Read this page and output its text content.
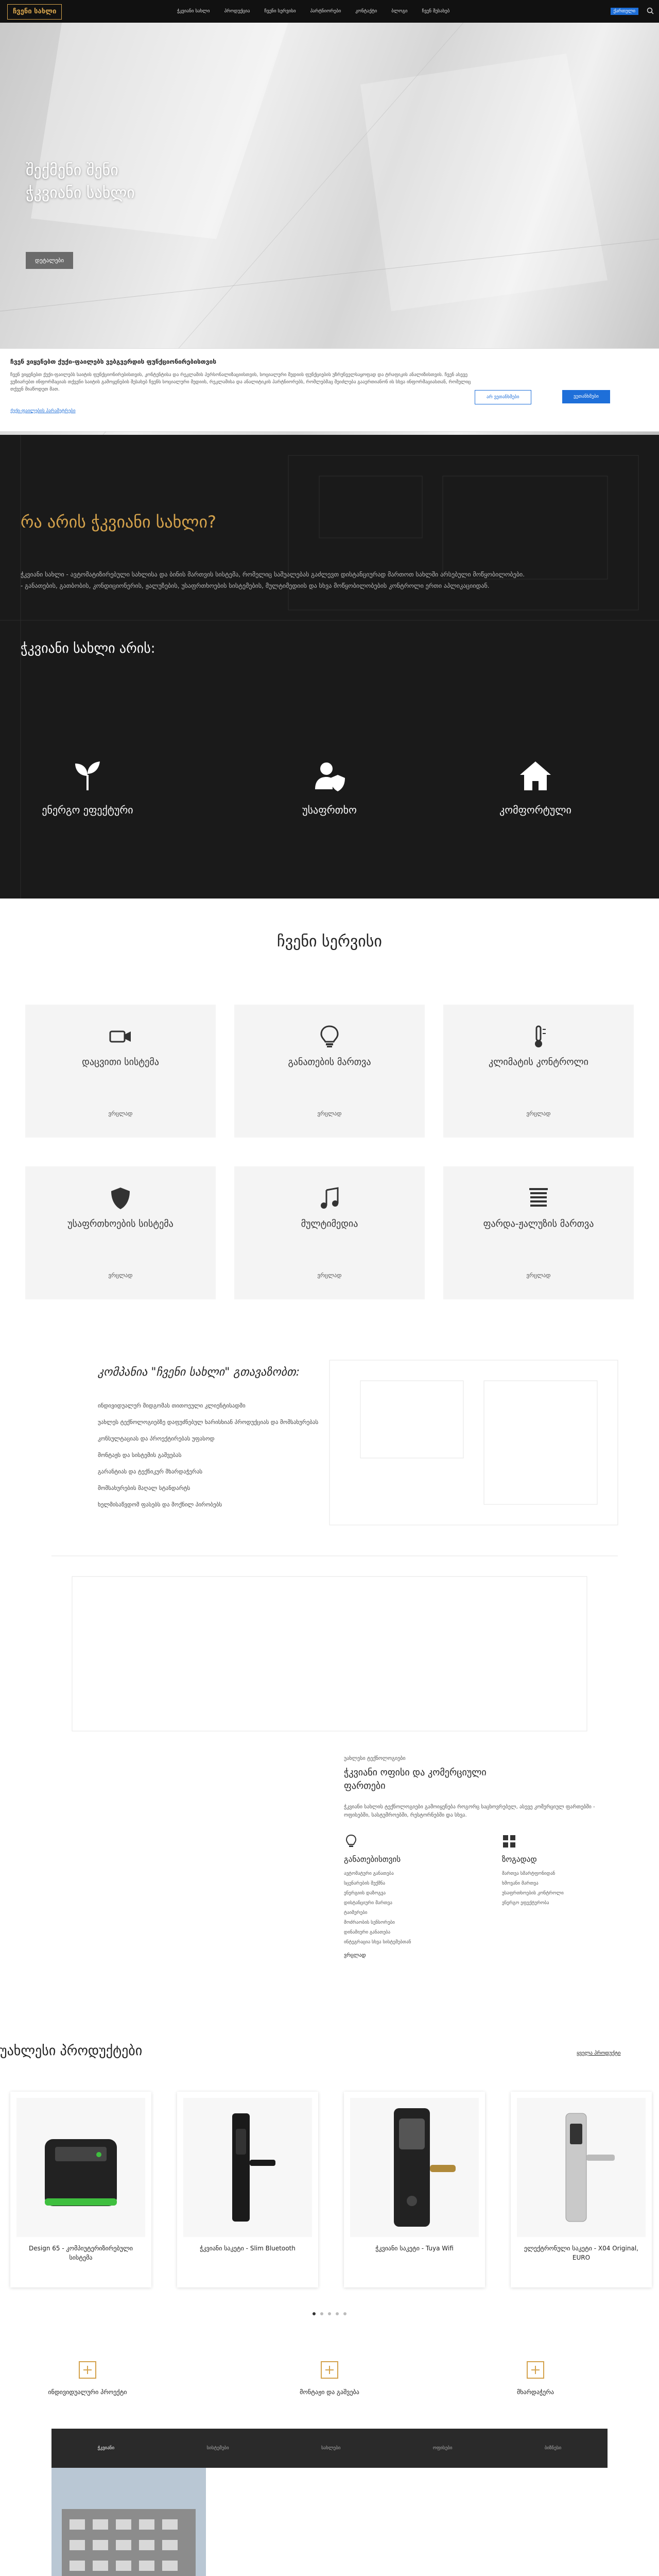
ჩვენი სახლი	ჭკვიანი სახლი	პროდუქცია	ჩვენი სერვისი	პარტნიორები	კონტაქტი	ბლოგი	ჩვენ შესახებ	ქართული
შექმენი შენი
ჭკვიანი სახლი
დეტალები
ჩვენ ვიყენებთ ქუქი-ფაილებს ვებგვერდის ფუნქციონირებისთვის
ჩვენ ვიყენებთ ქუქი-ფაილებს საიტის ფუნქციონირებისთვის, კონტენტისა და რეკლამის პერსონალიზაციისთვის, სოციალური მედიის ფუნქციების უზრუნველსაყოფად და ტრაფიკის ანალიზისთვის. ჩვენ ასევე ვუზიარებთ ინფორმაციას თქვენი საიტის გამოყენების შესახებ ჩვენს სოციალური მედიის, რეკლამისა და ანალიტიკის პარტნიორებს, რომლებმაც შეიძლება გააერთიანონ ის სხვა ინფორმაციასთან, რომელიც თქვენ მიაწოდეთ მათ.
ქუქი-ფაილების პარამეტრები
არ ვეთანხმები	ვეთანხმები
რა არის ჭკვიანი სახლი?
ჭკვიანი სახლი - ავტომატიზირებული სახლისა და ბინის მართვის სისტემა, რომელიც საშუალებას გაძლევთ დისტანციურად მართოთ სახლში არსებული მოწყობილობები.
- განათების, გათბობის, კონდიციონერის, ჟალუზების, უსაფრთხოების სისტემების, მულტიმედიის და სხვა მოწყობილობების კონტროლი ერთი აპლიკაციიდან.
ჭკვიანი სახლი არის:
ენერგო ეფექტური	უსაფრთხო	კომფორტული
ჩვენი სერვისი
დაცვითი სისტემა
ვრცლად
განათების მართვა
ვრცლად
კლიმატის კონტროლი
ვრცლად
უსაფრთხოების სისტემა
ვრცლად
მულტიმედია
ვრცლად
ფარდა-ჟალუზის მართვა
ვრცლად
კომპანია "ჩვენი სახლი" გთავაზობთ:
ინდივიდუალურ მიდგომას თითოეული კლიენტისადმი
უახლეს ტექნოლოგიებზე დაფუძნებულ ხარისხიან პროდუქციას და მომსახურებას
კონსულტაციას და პროექტირებას უფასოდ
მონტაჟს და სისტემის გაშვებას
გარანტიას და ტექნიკურ მხარდაჭერას
მომსახურების მაღალ სტანდარტს
ხელმისაწვდომ ფასებს და მოქნილ პირობებს
უახლესი ტექნოლოგიები
ჭკვიანი ოფისი და კომერციული
ფართები
ჭკვიანი სახლის ტექნოლოგიები გამოიყენება როგორც საცხოვრებელ, ასევე კომერციულ ფართებში - ოფისებში, სასტუმროებში, რესტორნებში და სხვა.
განათებისთვის
ავტომატური განათება
სცენარების შექმნა
ენერგიის დაზოგვა
დისტანციური მართვა
ტაიმერები
მოძრაობის სენსორები
დინამიური განათება
ინტეგრაცია სხვა სისტემებთან
ზოგადად
მართვა სმარტფონიდან
ხმოვანი მართვა
უსაფრთხოების კონტროლი
ენერგო ეფექტურობა
ვრცლად
უახლესი პროდუქტები	ყველა პროდუქტი
Design 65 - კომპიუტერიზირებული სისტემა
ჭკვიანი საკეტი - Slim Bluetooth	ჭკვიანი საკეტი - Tuya Wifi	ელექტრონული საკეტი - X04 Original, EURO
ინდივიდუალური პროექტი	მონტაჟი და გაშვება	მხარდაჭერა
ჭკვიანი	სისტემები	სახლები	ოფისები	ბიზნესი
